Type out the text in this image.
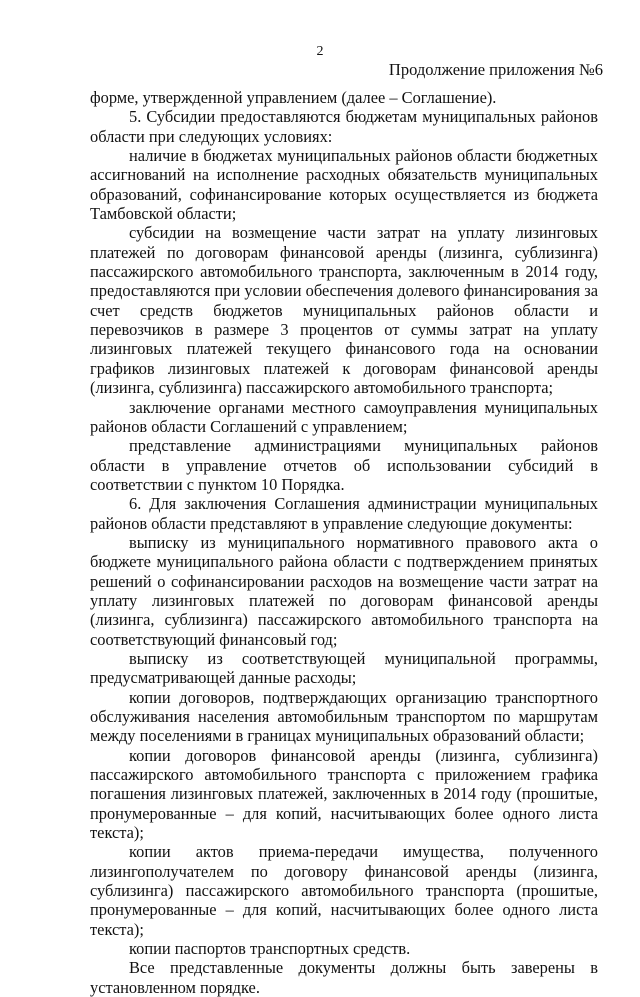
2
Продолжение приложения №6

форме, утвержденной управлением (далее – Соглашение).

5. Субсидии предоставляются бюджетам муниципальных районов области при следующих условиях:

наличие в бюджетах муниципальных районов области бюджетных ассигнований на исполнение расходных обязательств муниципальных образований, софинансирование которых осуществляется из бюджета Тамбовской области;

субсидии на возмещение части затрат на уплату лизинговых платежей по договорам финансовой аренды (лизинга, сублизинга) пассажирского автомобильного транспорта, заключенным в 2014 году, предоставляются при условии обеспечения долевого финансирования за счет средств бюджетов муниципальных районов области и перевозчиков в размере 3 процентов от суммы затрат на уплату лизинговых платежей текущего финансового года на основании графиков лизинговых платежей к договорам финансовой аренды (лизинга, сублизинга) пассажирского автомобильного транспорта;

заключение органами местного самоуправления муниципальных районов области Соглашений с управлением;

представление администрациями муниципальных районов области в управление отчетов об использовании субсидий в соответствии с пунктом 10 Порядка.

6. Для заключения Соглашения администрации муниципальных районов области представляют в управление следующие документы:

выписку из муниципального нормативного правового акта о бюджете муниципального района области с подтверждением принятых решений о софинансировании расходов на возмещение части затрат на уплату лизинговых платежей по договорам финансовой аренды (лизинга, сублизинга) пассажирского автомобильного транспорта на соответствующий финансовый год;

выписку из соответствующей муниципальной программы, предусматривающей данные расходы;

копии договоров, подтверждающих организацию транспортного обслуживания населения автомобильным транспортом по маршрутам между поселениями в границах муниципальных образований области;

копии договоров финансовой аренды (лизинга, сублизинга) пассажирского автомобильного транспорта с приложением графика погашения лизинговых платежей, заключенных в 2014 году (прошитые, пронумерованные – для копий, насчитывающих более одного листа текста);

копии актов приема-передачи имущества, полученного лизингополучателем по договору финансовой аренды (лизинга, сублизинга) пассажирского автомобильного транспорта (прошитые, пронумерованные – для копий, насчитывающих более одного листа текста);

копии паспортов транспортных средств.

Все представленные документы должны быть заверены в установленном порядке.
